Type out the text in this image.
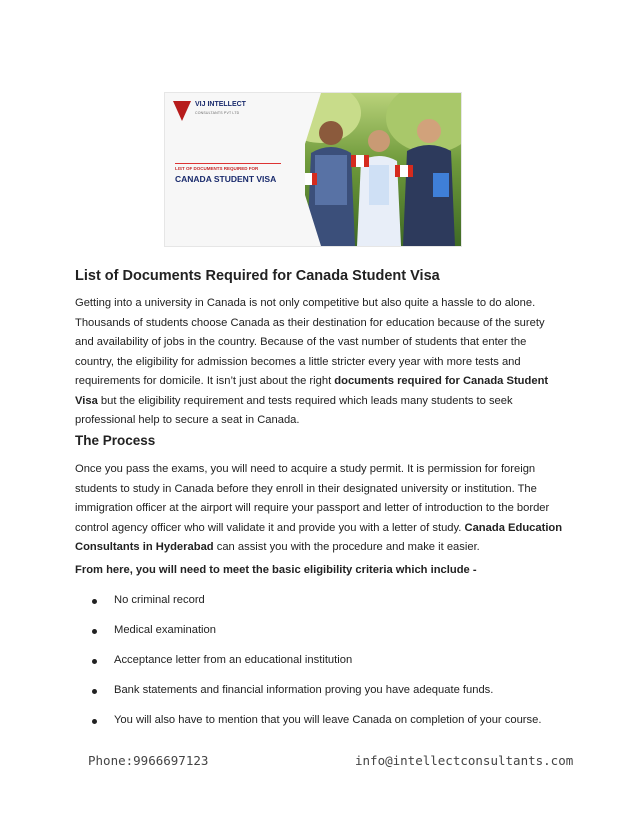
VIJ INTELLECT
CONSULTANTS PVT LTD
LIST OF DOCUMENTS REQUIRED FOR
CANADA STUDENT VISA
List of Documents Required for Canada Student Visa
Getting into a university in Canada is not only competitive but also quite a hassle to do alone. Thousands of students choose Canada as their destination for education because of the surety and availability of jobs in the country. Because of the vast number of students that enter the country, the eligibility for admission becomes a little stricter every year with more tests and requirements for domicile. It isn’t just about the right documents required for Canada Student Visa but the eligibility requirement and tests required which leads many students to seek professional help to secure a seat in Canada.
The Process
Once you pass the exams, you will need to acquire a study permit. It is permission for foreign students to study in Canada before they enroll in their designated university or institution. The immigration officer at the airport will require your passport and letter of introduction to the border control agency officer who will validate it and provide you with a letter of study. Canada Education Consultants in Hyderabad can assist you with the procedure and make it easier.
From here, you will need to meet the basic eligibility criteria which include -
No criminal record
Medical examination
Acceptance letter from an educational institution
Bank statements and financial information proving you have adequate funds.
You will also have to mention that you will leave Canada on completion of your course.
Phone:9966697123	info@intellectconsultants.com
